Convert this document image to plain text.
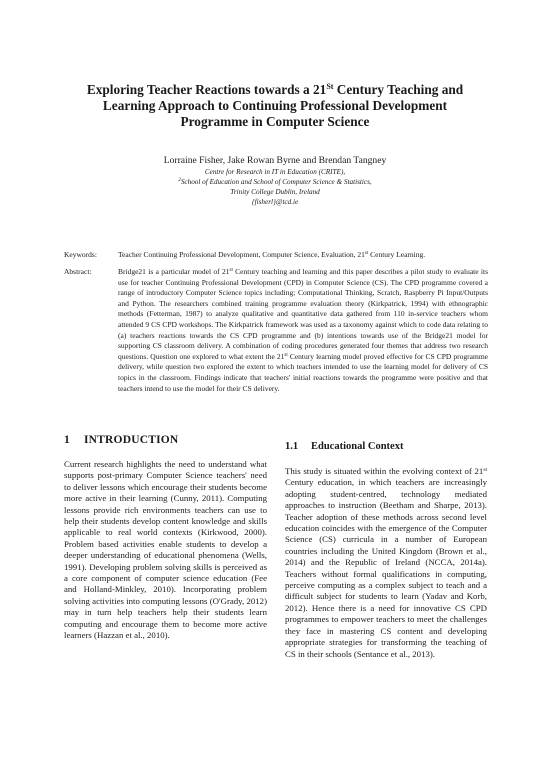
Exploring Teacher Reactions towards a 21St Century Teaching and
Learning Approach to Continuing Professional Development
Programme in Computer Science
Lorraine Fisher, Jake Rowan Byrne and Brendan Tangney
Centre for Research in IT in Education (CRITE),
$^2$School of Education and School of Computer Science & Statistics,
Trinity College Dublin, Ireland
{fisherl}@tcd.ie
Keywords:	Teacher Continuing Professional Development, Computer Science, Evaluation, 21st Century Learning.
Abstract:	Bridge21 is a particular model of 21st Century teaching and learning and this paper describes a pilot study to evaluate its use for teacher Continuing Professional Development (CPD) in Computer Science (CS). The CPD programme covered a range of introductory Computer Science topics including; Computational Thinking, Scratch, Raspberry Pi Input/Outputs and Python. The researchers combined training programme evaluation theory (Kirkpatrick, 1994) with ethnographic methods (Fetterman, 1987) to analyze qualitative and quantitative data gathered from 110 in-service teachers whom attended 9 CS CPD workshops. The Kirkpatrick framework was used as a taxonomy against which to code data relating to (a) teachers reactions towards the CS CPD programme and (b) intentions towards use of the Bridge21 model for supporting CS classroom delivery. A combination of coding procedures generated four themes that address two research questions. Question one explored to what extent the 21st Century learning model proved effective for CS CPD programme delivery, while question two explored the extent to which teachers intended to use the learning model for delivery of CS topics in the classroom. Findings indicate that teachers' initial reactions towards the programme were positive and that teachers intend to use the model for their CS delivery.

1 INTRODUCTION

Current research highlights the need to understand what supports post-primary Computer Science teachers' need to deliver lessons which encourage their students become more active in their learning (Cunny, 2011). Computing lessons provide rich environments teachers can use to help their students develop content knowledge and skills applicable to real world contexts (Kirkwood, 2000). Problem based activities enable students to develop a deeper understanding of educational phenomena (Wells, 1991). Developing problem solving skills is perceived as a core component of computer science education (Fee and Holland-Minkley, 2010). Incorporating problem solving activities into computing lessons (O'Grady, 2012) may in turn help teachers help their students learn computing and encourage them to become more active learners (Hazzan et al., 2010).

1.1 Educational Context

This study is situated within the evolving context of 21st Century education, in which teachers are increasingly adopting student-centred, technology mediated approaches to instruction (Beetham and Sharpe, 2013). Teacher adoption of these methods across second level education coincides with the emergence of the Computer Science (CS) curricula in a number of European countries including the United Kingdom (Brown et al., 2014) and the Republic of Ireland (NCCA, 2014a). Teachers without formal qualifications in computing, perceive computing as a complex subject to teach and a difficult subject for students to learn (Yadav and Korb, 2012). Hence there is a need for innovative CS CPD programmes to empower teachers to meet the challenges they face in mastering CS content and developing appropriate strategies for transforming the teaching of CS in their schools (Sentance et al., 2013).
